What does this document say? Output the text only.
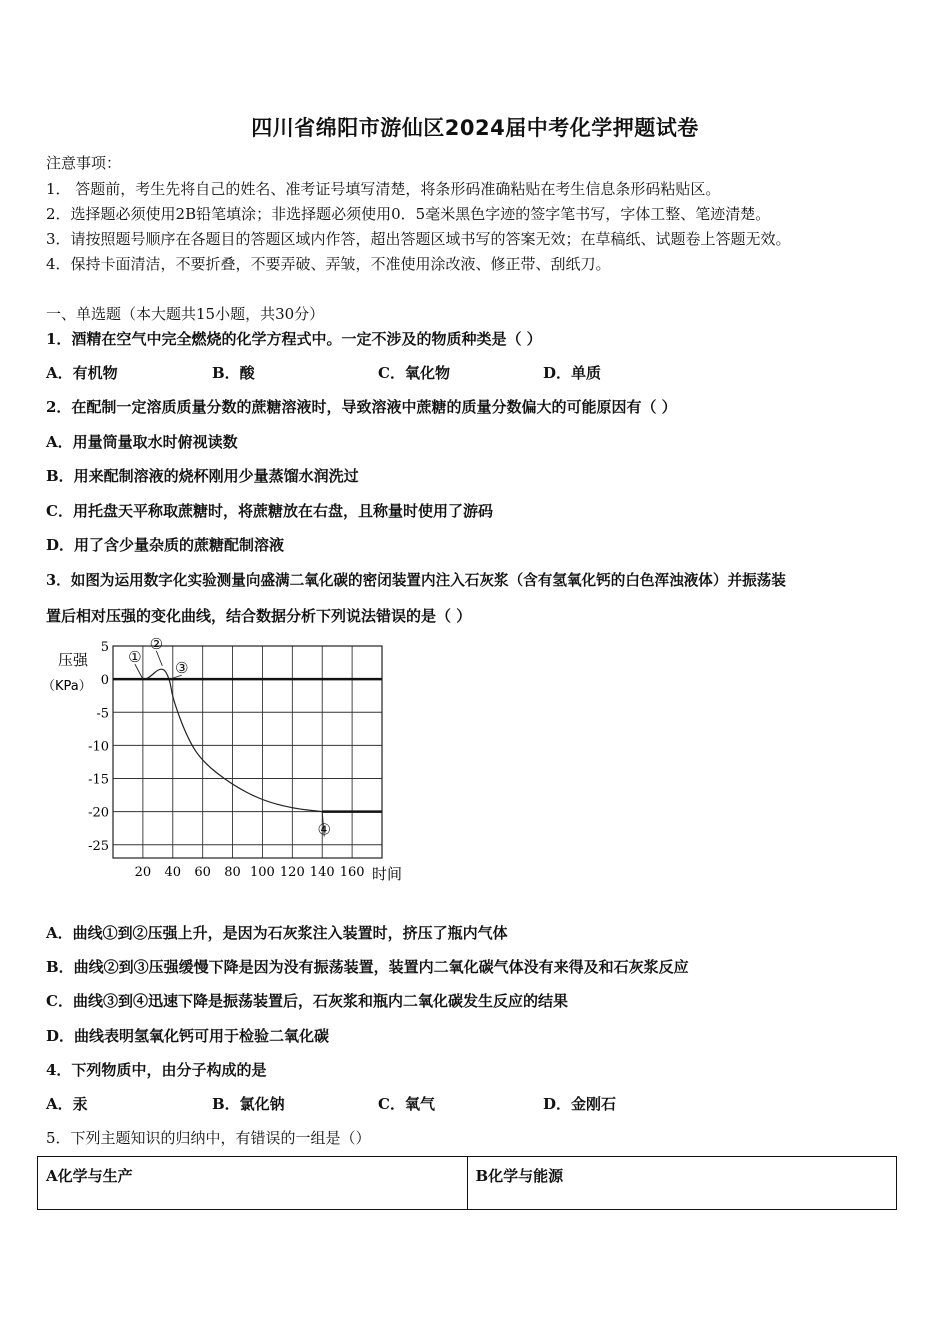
四川省绵阳市游仙区2024届中考化学押题试卷
注意事项：
1． 答题前，考生先将自己的姓名、准考证号填写清楚，将条形码准确粘贴在考生信息条形码粘贴区。
2．选择题必须使用2B铅笔填涂；非选择题必须使用0．5毫米黑色字迹的签字笔书写，字体工整、笔迹清楚。
3．请按照题号顺序在各题目的答题区域内作答，超出答题区域书写的答案无效；在草稿纸、试题卷上答题无效。
4．保持卡面清洁，不要折叠，不要弄破、弄皱，不准使用涂改液、修正带、刮纸刀。
一、单选题（本大题共15小题，共30分）
1．酒精在空气中完全燃烧的化学方程式中。一定不涉及的物质种类是（ ）
A．有机物	B．酸	C．氧化物	D．单质
2．在配制一定溶质质量分数的蔗糖溶液时，导致溶液中蔗糖的质量分数偏大的可能原因有（ ）
A．用量筒量取水时俯视读数
B．用来配制溶液的烧杯刚用少量蒸馏水润洗过
C．用托盘天平称取蔗糖时，将蔗糖放在右盘，且称量时使用了游码
D．用了含少量杂质的蔗糖配制溶液
3．如图为运用数字化实验测量向盛满二氧化碳的密闭装置内注入石灰浆（含有氢氧化钙的白色浑浊液体）并振荡装
置后相对压强的变化曲线，结合数据分析下列说法错误的是（ ）
5
0
-5
-10
-15
-20
-25
20 40 60 80 100 120 140 160
①
②
③
④
压强
（KPa）
时间
A．曲线①到②压强上升，是因为石灰浆注入装置时，挤压了瓶内气体
B．曲线②到③压强缓慢下降是因为没有振荡装置，装置内二氧化碳气体没有来得及和石灰浆反应
C．曲线③到④迅速下降是振荡装置后，石灰浆和瓶内二氧化碳发生反应的结果
D．曲线表明氢氧化钙可用于检验二氧化碳
4．下列物质中，由分子构成的是
A．汞	B．氯化钠	C．氧气	D．金刚石
5．下列主题知识的归纳中，有错误的一组是（）
A化学与生产	B化学与能源
